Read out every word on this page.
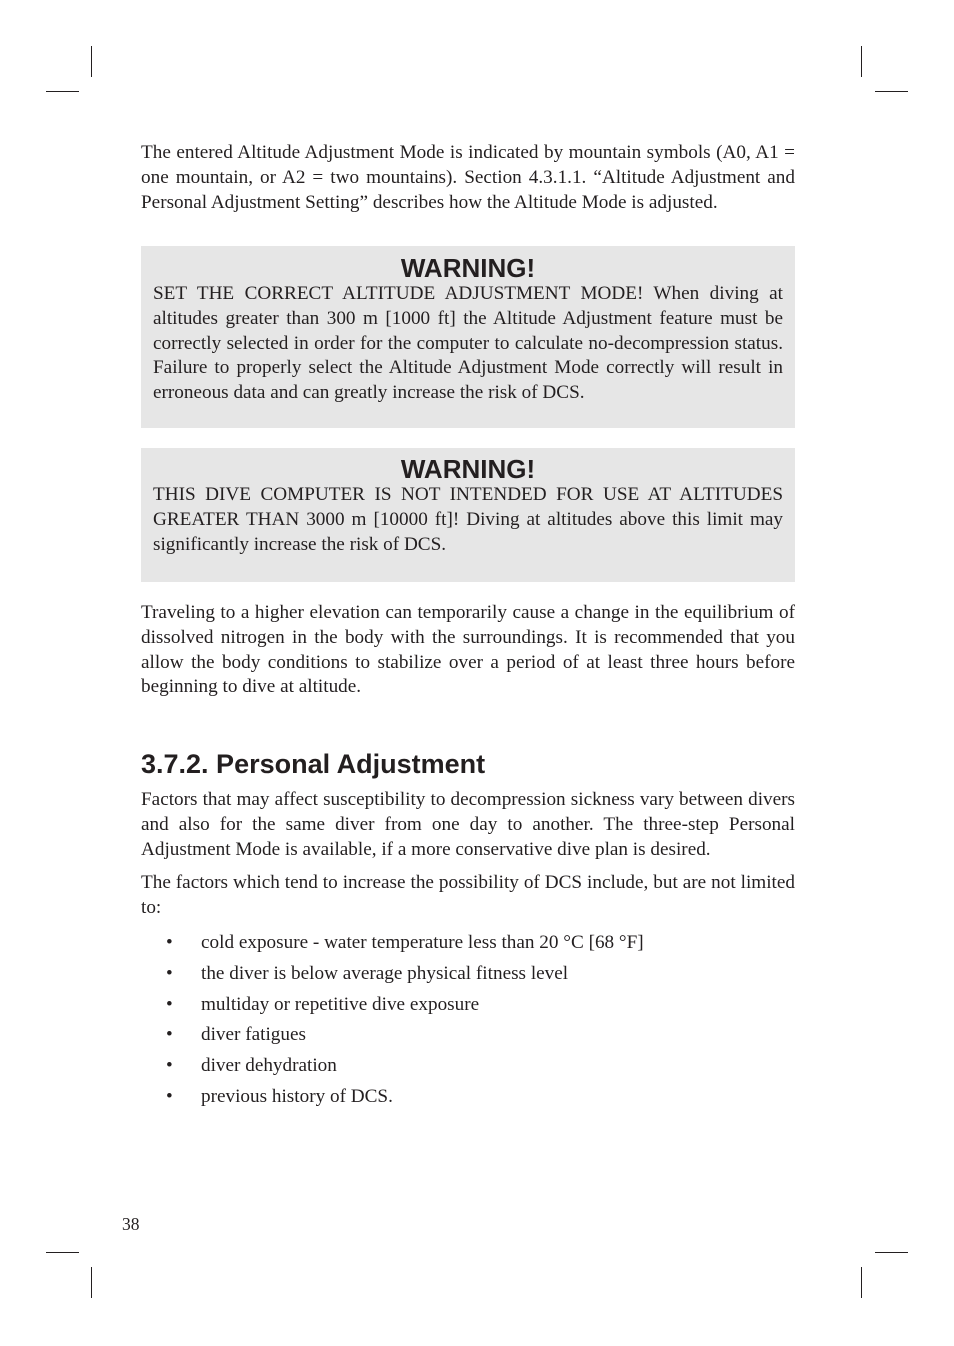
The entered Altitude Adjustment Mode is indicated by mountain symbols (A0, A1 = one mountain, or A2 = two mountains). Section 4.3.1.1. “Altitude Adjustment and Personal Adjustment Setting” describes how the Altitude Mode is adjusted.

WARNING!

SET THE CORRECT ALTITUDE ADJUSTMENT MODE! When diving at altitudes greater than 300 m [1000 ft] the Altitude Adjustment feature must be correctly selected in order for the computer to calculate no-decompression status. Failure to properly select the Altitude Adjustment Mode correctly will result in erroneous data and can greatly increase the risk of DCS.

WARNING!

THIS DIVE COMPUTER IS NOT INTENDED FOR USE AT ALTITUDES GREATER THAN 3000 m [10000 ft]! Diving at altitudes above this limit may significantly increase the risk of DCS.

Traveling to a higher elevation can temporarily cause a change in the equilibrium of dissolved nitrogen in the body with the surroundings. It is recommended that you allow the body conditions to stabilize over a period of at least three hours before beginning to dive at altitude.

3.7.2. Personal Adjustment

Factors that may affect susceptibility to decompression sickness vary between divers and also for the same diver from one day to another. The three-step Personal Adjustment Mode is available, if a more conservative dive plan is desired.

The factors which tend to increase the possibility of DCS include, but are not limited to:

• cold exposure - water temperature less than 20 °C [68 °F]
• the diver is below average physical fitness level
• multiday or repetitive dive exposure
• diver fatigues
• diver dehydration
• previous history of DCS.
38
